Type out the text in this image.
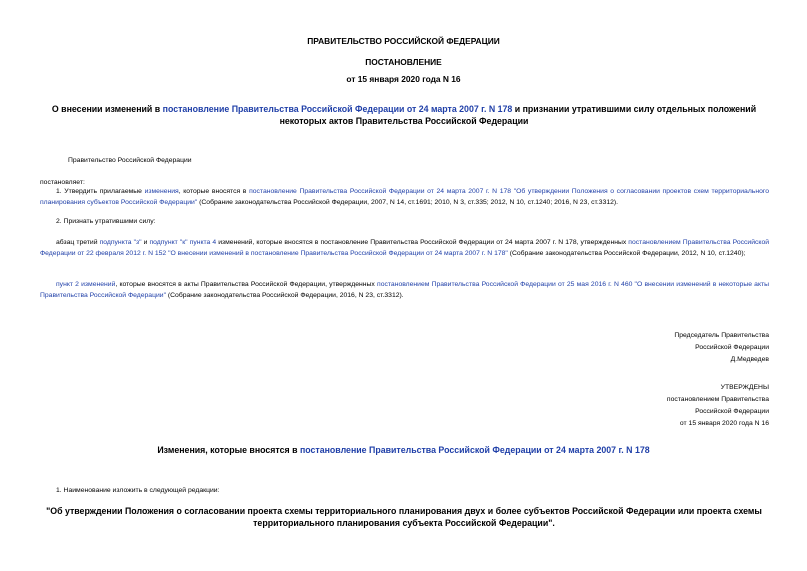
ПРАВИТЕЛЬСТВО РОССИЙСКОЙ ФЕДЕРАЦИИ
ПОСТАНОВЛЕНИЕ
от 15 января 2020 года N 16
О внесении изменений в постановление Правительства Российской Федерации от 24 марта 2007 г. N 178 и признании утратившими силу отдельных положений некоторых актов Правительства Российской Федерации
Правительство Российской Федерации
постановляет:
1. Утвердить прилагаемые изменения, которые вносятся в постановление Правительства Российской Федерации от 24 марта 2007 г. N 178 "Об утверждении Положения о согласовании проектов схем территориального планирования субъектов Российской Федерации" (Собрание законодательства Российской Федерации, 2007, N 14, ст.1691; 2010, N 3, ст.335; 2012, N 10, ст.1240; 2016, N 23, ст.3312).
2. Признать утратившими силу:
абзац третий подпункта "з" и подпункт "к" пункта 4 изменений, которые вносятся в постановление Правительства Российской Федерации от 24 марта 2007 г. N 178, утвержденных постановлением Правительства Российской Федерации от 22 февраля 2012 г. N 152 "О внесении изменений в постановление Правительства Российской Федерации от 24 марта 2007 г. N 178" (Собрание законодательства Российской Федерации, 2012, N 10, ст.1240);
пункт 2 изменений, которые вносятся в акты Правительства Российской Федерации, утвержденных постановлением Правительства Российской Федерации от 25 мая 2016 г. N 460 "О внесении изменений в некоторые акты Правительства Российской Федерации" (Собрание законодательства Российской Федерации, 2016, N 23, ст.3312).
Председатель Правительства
Российской Федерации
Д.Медведев
УТВЕРЖДЕНЫ
постановлением Правительства
Российской Федерации
от 15 января 2020 года N 16
Изменения, которые вносятся в постановление Правительства Российской Федерации от 24 марта 2007 г. N 178
1. Наименование изложить в следующей редакции:
"Об утверждении Положения о согласовании проекта схемы территориального планирования двух и более субъектов Российской Федерации или проекта схемы территориального планирования субъекта Российской Федерации".
